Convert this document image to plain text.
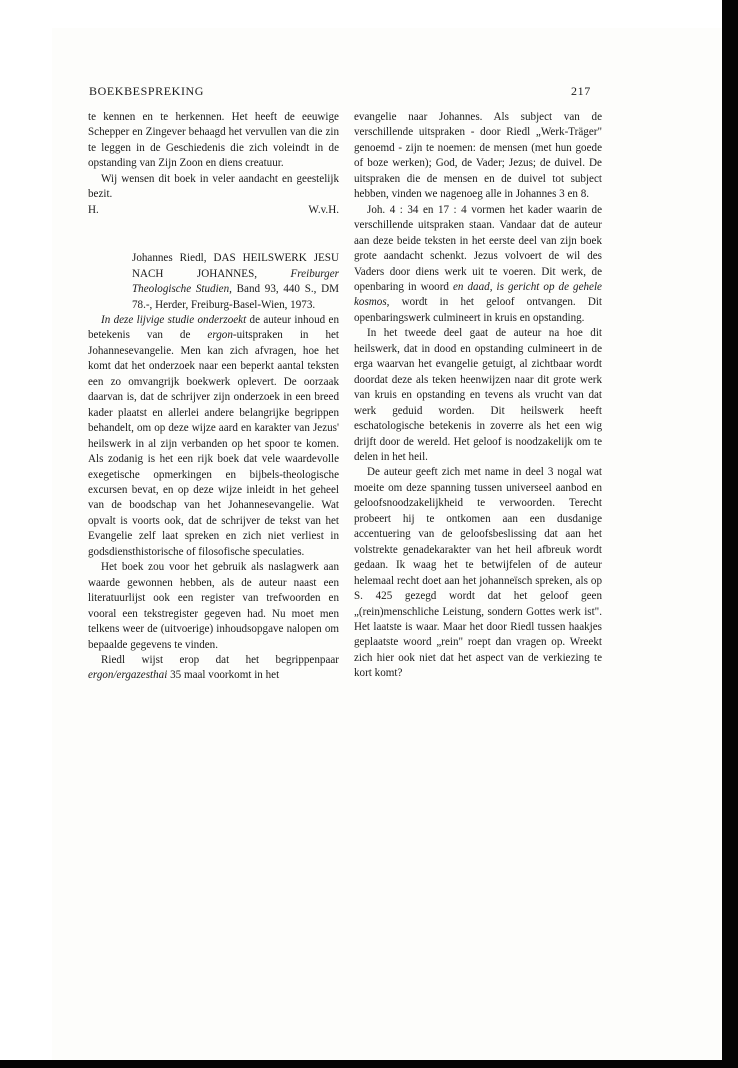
BOEKBESPREKING	217

te kennen en te herkennen. Het heeft de eeuwige Schepper en Zingever behaagd het vervullen van die zin te leggen in de Geschiedenis die zich voleindt in de opstanding van Zijn Zoon en diens creatuur.

Wij wensen dit boek in veler aandacht en geestelijk bezit.

H.	W.v.H.
Johannes Riedl, DAS HEILSWERK JESU NACH JOHANNES,	Freiburger Theologische Studien, Band 93, 440 S., DM 78.-, Herder, Freiburg-Basel-Wien, 1973.

In deze lijvige studie onderzoekt de auteur inhoud en betekenis van de ergon-uitspraken in het Johannesevangelie. Men kan zich afvragen, hoe het komt dat het onderzoek naar een beperkt aantal teksten een zo omvangrijk boekwerk oplevert. De oorzaak daarvan is, dat de schrijver zijn onderzoek in een breed kader plaatst en allerlei andere belangrijke begrippen behandelt, om op deze wijze aard en karakter van Jezus' heilswerk in al zijn verbanden op het spoor te komen. Als zodanig is het een rijk boek dat vele waardevolle exegetische opmerkingen en bijbels-theologische excursen bevat, en op deze wijze inleidt in het geheel van de boodschap van het Johannesevangelie. Wat opvalt is voorts ook, dat de schrijver de tekst van het Evangelie zelf laat spreken en zich niet verliest in godsdiensthistorische of filosofische speculaties.

Het boek zou voor het gebruik als naslagwerk aan waarde gewonnen hebben, als de auteur naast een literatuurlijst ook een register van trefwoorden en vooral een tekstregister gegeven had. Nu moet men telkens weer de (uitvoerige) inhoudsopgave nalopen om bepaalde gegevens te vinden.

Riedl wijst erop dat het begrippenpaar ergon/ergazesthai 35 maal voorkomt in het

evangelie naar Johannes. Als subject van de verschillende uitspraken - door Riedl „Werk-Träger" genoemd - zijn te noemen: de mensen (met hun goede of boze werken); God, de Vader; Jezus; de duivel. De uitspraken die de mensen en de duivel tot subject hebben, vinden we nagenoeg alle in Johannes 3 en 8.

Joh. 4 : 34 en 17 : 4 vormen het kader waarin de verschillende uitspraken staan. Vandaar dat de auteur aan deze beide teksten in het eerste deel van zijn boek grote aandacht schenkt. Jezus volvoert de wil des Vaders door diens werk uit te voeren. Dit werk, de openbaring in woord en daad, is gericht op de gehele kosmos, wordt in het geloof ontvangen. Dit openbaringswerk culmineert in kruis en opstanding.

In het tweede deel gaat de auteur na hoe dit heilswerk, dat in dood en opstanding culmineert in de erga waarvan het evangelie getuigt, al zichtbaar wordt doordat deze als teken heenwijzen naar dit grote werk van kruis en opstanding en tevens als vrucht van dat werk geduid worden. Dit heilswerk heeft eschatologische betekenis in zoverre als het een wig drijft door de wereld. Het geloof is noodzakelijk om te delen in het heil.

De auteur geeft zich met name in deel 3 nogal wat moeite om deze spanning tussen universeel aanbod en geloofsnoodzakelijkheid te verwoorden. Terecht probeert hij te ontkomen aan een dusdanige accentuering van de geloofsbeslissing dat aan het volstrekte genadekarakter van het heil afbreuk wordt gedaan. Ik waag het te betwijfelen of de auteur helemaal recht doet aan het johanneïsch spreken, als op S. 425 gezegd wordt dat het geloof geen „(rein)menschliche Leistung, sondern Gottes werk ist". Het laatste is waar. Maar het door Riedl tussen haakjes geplaatste woord „rein" roept dan vragen op. Wreekt zich hier ook niet dat het aspect van de verkiezing te kort komt?
